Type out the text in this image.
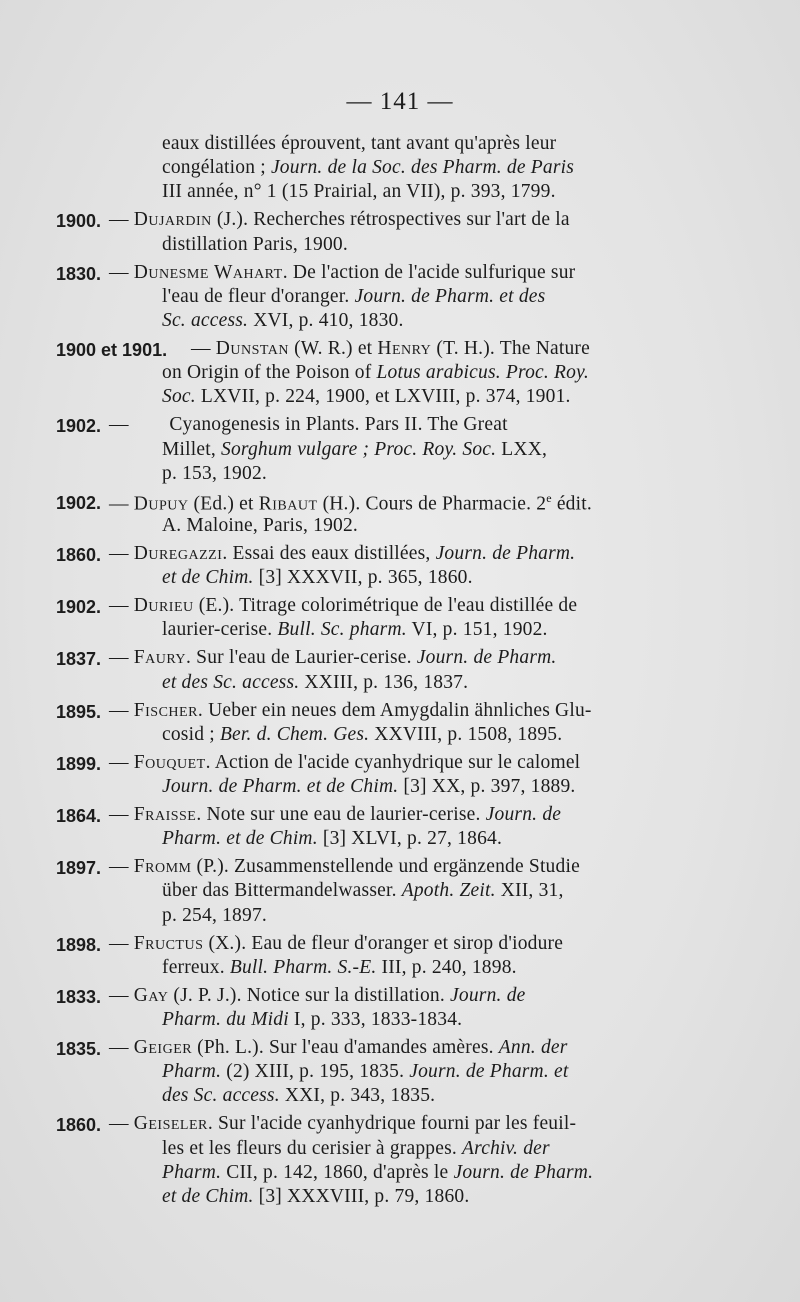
— 141 —
eaux distillées éprouvent, tant avant qu'après leur
congélation ; Journ. de la Soc. des Pharm. de Paris
III année, n° 1 (15 Prairial, an VII), p. 393, 1799.
1900. — Dujardin (J.). Recherches rétrospectives sur l'art de la
distillation Paris, 1900.
1830. — Dunesme Wahart. De l'action de l'acide sulfurique sur
l'eau de fleur d'oranger. Journ. de Pharm. et des
Sc. access. XVI, p. 410, 1830.
1900 et 1901. — Dunstan (W. R.) et Henry (T. H.). The Nature
on Origin of the Poison of Lotus arabicus. Proc. Roy.
Soc. LXVII, p. 224, 1900, et LXVIII, p. 374, 1901.
1902. — Cyanogenesis in Plants. Pars II. The Great
Millet, Sorghum vulgare ; Proc. Roy. Soc. LXX,
p. 153, 1902.
1902. — Dupuy (Ed.) et Ribaut (H.). Cours de Pharmacie. 2e édit.
A. Maloine, Paris, 1902.
1860. — Duregazzi. Essai des eaux distillées, Journ. de Pharm.
et de Chim. [3] XXXVII, p. 365, 1860.
1902. — Durieu (E.). Titrage colorimétrique de l'eau distillée de
laurier-cerise. Bull. Sc. pharm. VI, p. 151, 1902.
1837. — Faury. Sur l'eau de Laurier-cerise. Journ. de Pharm.
et des Sc. access. XXIII, p. 136, 1837.
1895. — Fischer. Ueber ein neues dem Amygdalin ähnliches Glu-
cosid ; Ber. d. Chem. Ges. XXVIII, p. 1508, 1895.
1899. — Fouquet. Action de l'acide cyanhydrique sur le calomel
Journ. de Pharm. et de Chim. [3] XX, p. 397, 1889.
1864. — Fraisse. Note sur une eau de laurier-cerise. Journ. de
Pharm. et de Chim. [3] XLVI, p. 27, 1864.
1897. — Fromm (P.). Zusammenstellende und ergänzende Studie
über das Bittermandelwasser. Apoth. Zeit. XII, 31,
p. 254, 1897.
1898. — Fructus (X.). Eau de fleur d'oranger et sirop d'iodure
ferreux. Bull. Pharm. S.-E. III, p. 240, 1898.
1833. — Gay (J. P. J.). Notice sur la distillation. Journ. de
Pharm. du Midi I, p. 333, 1833-1834.
1835. — Geiger (Ph. L.). Sur l'eau d'amandes amères. Ann. der
Pharm. (2) XIII, p. 195, 1835. Journ. de Pharm. et
des Sc. access. XXI, p. 343, 1835.
1860. — Geiseler. Sur l'acide cyanhydrique fourni par les feuil-
les et les fleurs du cerisier à grappes. Archiv. der
Pharm. CII, p. 142, 1860, d'après le Journ. de Pharm.
et de Chim. [3] XXXVIII, p. 79, 1860.
